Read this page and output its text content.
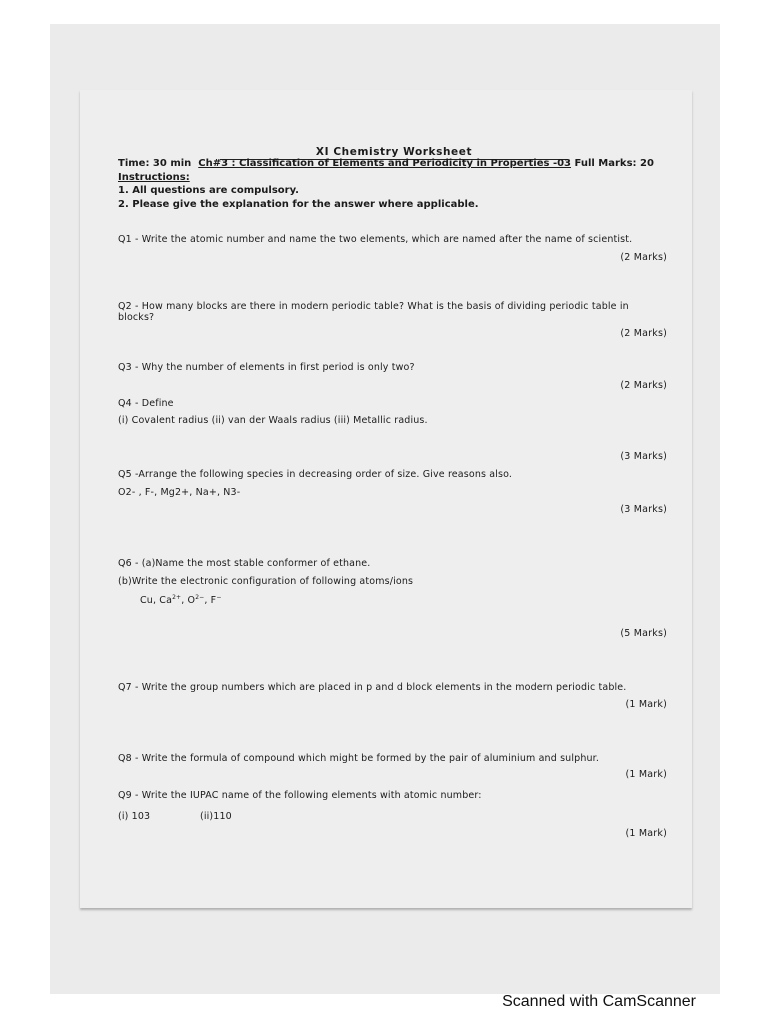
XI Chemistry Worksheet
Time: 30 min Ch#3 : Classification of Elements and Periodicity in Properties -03 Full Marks: 20
Instructions:
1. All questions are compulsory.
2. Please give the explanation for the answer where applicable.
Q1 - Write the atomic number and name the two elements, which are named after the name of scientist.
(2 Marks)
Q2 - How many blocks are there in modern periodic table? What is the basis of dividing periodic table in
blocks?
(2 Marks)
Q3 - Why the number of elements in first period is only two?
(2 Marks)
Q4 - Define
(i) Covalent radius (ii) van der Waals radius (iii) Metallic radius.
(3 Marks)
Q5 -Arrange the following species in decreasing order of size. Give reasons also.
O2- , F-, Mg2+, Na+, N3-
(3 Marks)
Q6 - (a)Name the most stable conformer of ethane.
(b)Write the electronic configuration of following atoms/ions
Cu, $Ca^{2+}$, $O^{2-}$, F−
(5 Marks)
Q7 - Write the group numbers which are placed in p and d block elements in the modern periodic table.
(1 Mark)
Q8 - Write the formula of compound which might be formed by the pair of aluminium and sulphur.
(1 Mark)
Q9 - Write the IUPAC name of the following elements with atomic number:
(i) 103	(ii)110
(1 Mark)
Scanned with CamScanner
